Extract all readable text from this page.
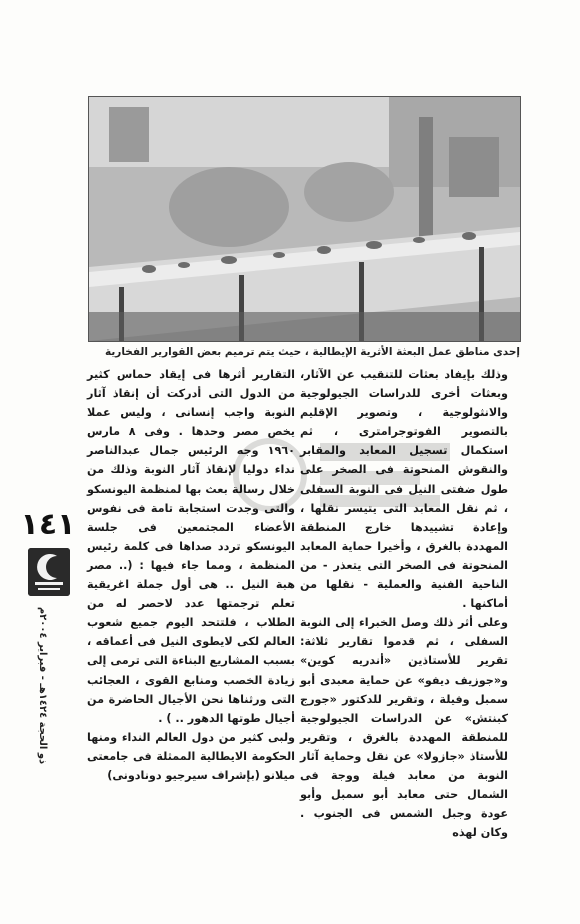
إحدى مناطق عمل البعثة الأثرية الإيطالية ، حيث يتم ترميم بعض القوارير الفخارية

وذلك بإيفاد بعثات للتنقيب عن الآثار، وبعثات أخرى للدراسات الجيولوجية والانثولوجية ، وتصوير الإقليم بالتصوير الفوتوجرامترى ، ثم استكمال تسجيل المعابد والمقابر والنقوش المنحوتة فى الصخر على طول ضفتى النيل فى النوبة السفلى ، ثم نقل المعابد التى يتيسر نقلها ، وإعادة تشييدها خارج المنطقة المهددة بالغرق ، وأخيرا حماية المعابد المنحوتة فى الصخر التى يتعذر - من الناحية الفنية والعملية - نقلها من أماكنها .

وعلى أثر ذلك وصل الخبراء إلى النوبة السفلى ، ثم قدموا تقارير ثلاثة: تقرير للأستاذين «أندريه كوين» و«جوزيف ديفو» عن حماية معبدى أبو سمبل وفيلة ، وتقرير للدكتور «جورج كبنتش» عن الدراسات الجيولوجية للمنطقة المهددة بالغرق ، وتقرير للأستاذ «جازولا» عن نقل وحماية آثار النوبة من معابد فيلة ووجة فى الشمال حتى معابد أبو سمبل وأبو عودة وجبل الشمس فى الجنوب . وكان لهذه

التقارير أثرها فى إيقاد حماس كثير من الدول التى أدركت أن إنقاذ آثار النوبة واجب إنسانى ، وليس عملا يخص مصر وحدها . وفى ٨ مارس ١٩٦٠ وجه الرئيس جمال عبدالناصر نداء دوليا لإنقاذ آثار النوبة وذلك من خلال رسالة بعث بها لمنظمة اليونسكو والتى وجدت استجابة تامة فى نفوس الأعضاء المجتمعين فى جلسة اليونسكو تردد صداها فى كلمة رئيس المنظمة ، ومما جاء فيها : (.. مصر هبة النيل .. هى أول جملة اغريقية تعلم ترجمتها عدد لاحصر له من الطلاب ، فلتتحد اليوم جميع شعوب العالم لكى لايطوى النيل فى أعماقه ، بسبب المشاريع البناءة التى ترمى إلى زيادة الخصب ومنابع القوى ، العجائب التى ورثناها نحن الأجيال الحاضرة من أجيال طوتها الدهور .. ) .

ولبى كثير من دول العالم النداء ومنها الحكومة الايطالية الممثلة فى جامعتى ميلانو (بإشراف سيرجيو دونادونى)

١٤١
ذو الحجة ١٤٢٤هـ - فبراير ٢٠٠٤م
